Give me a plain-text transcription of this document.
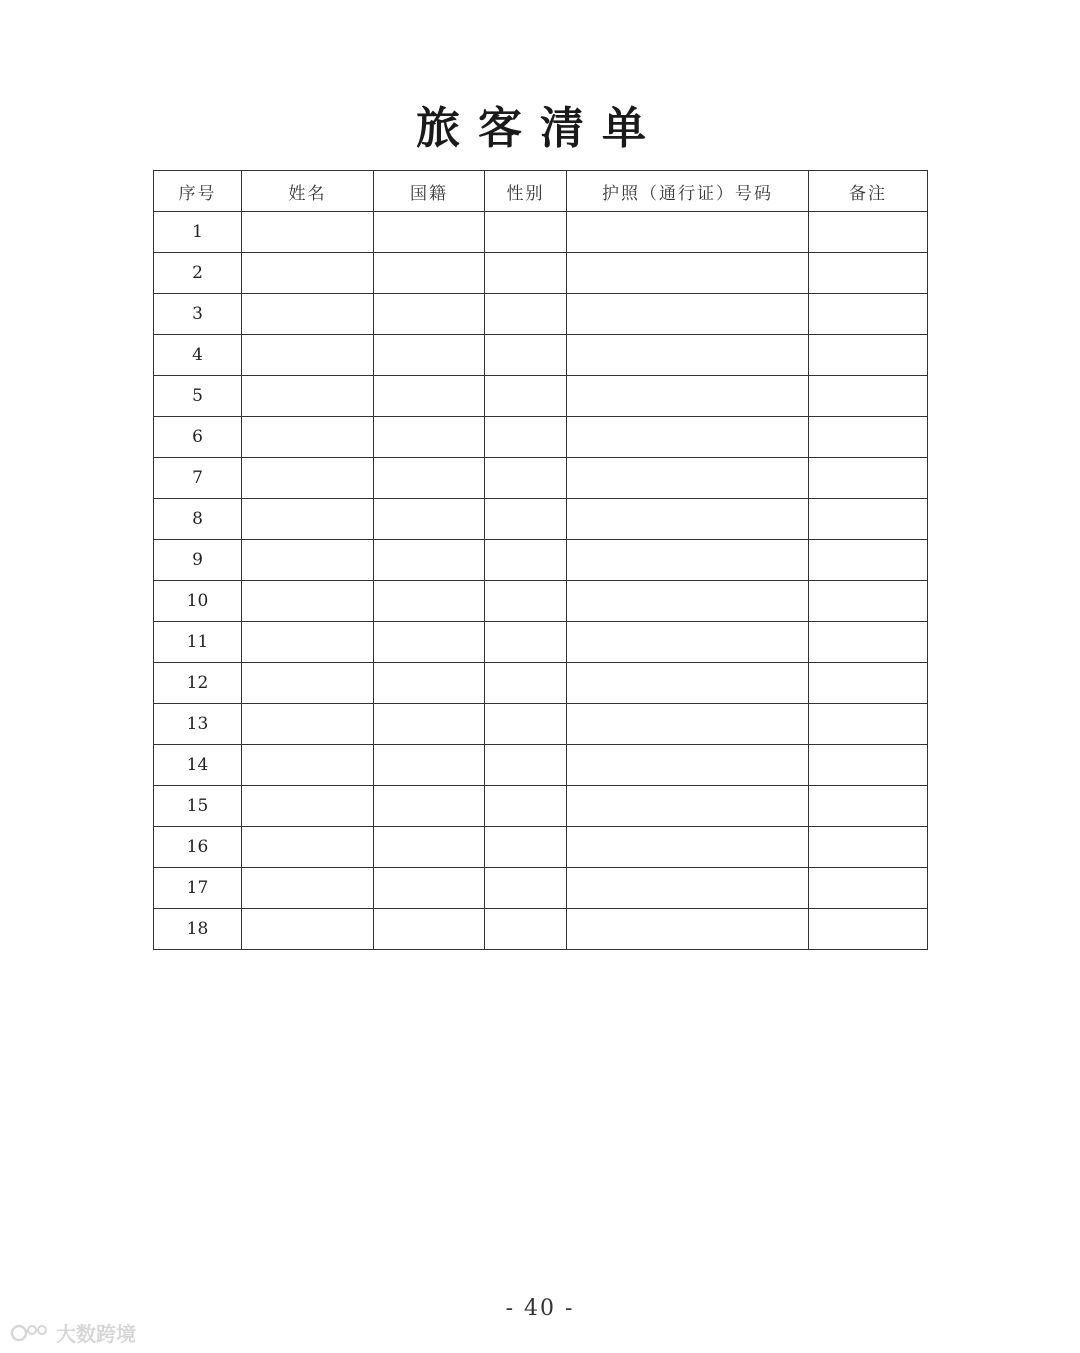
旅客清单
序号	姓名	国籍	性别	护照（通行证）号码	备注
1					
2					
3					
4					
5					
6					
7					
8					
9					
10					
11					
12					
13					
14					
15					
16					
17					
18					
- 40 -
大数跨境
